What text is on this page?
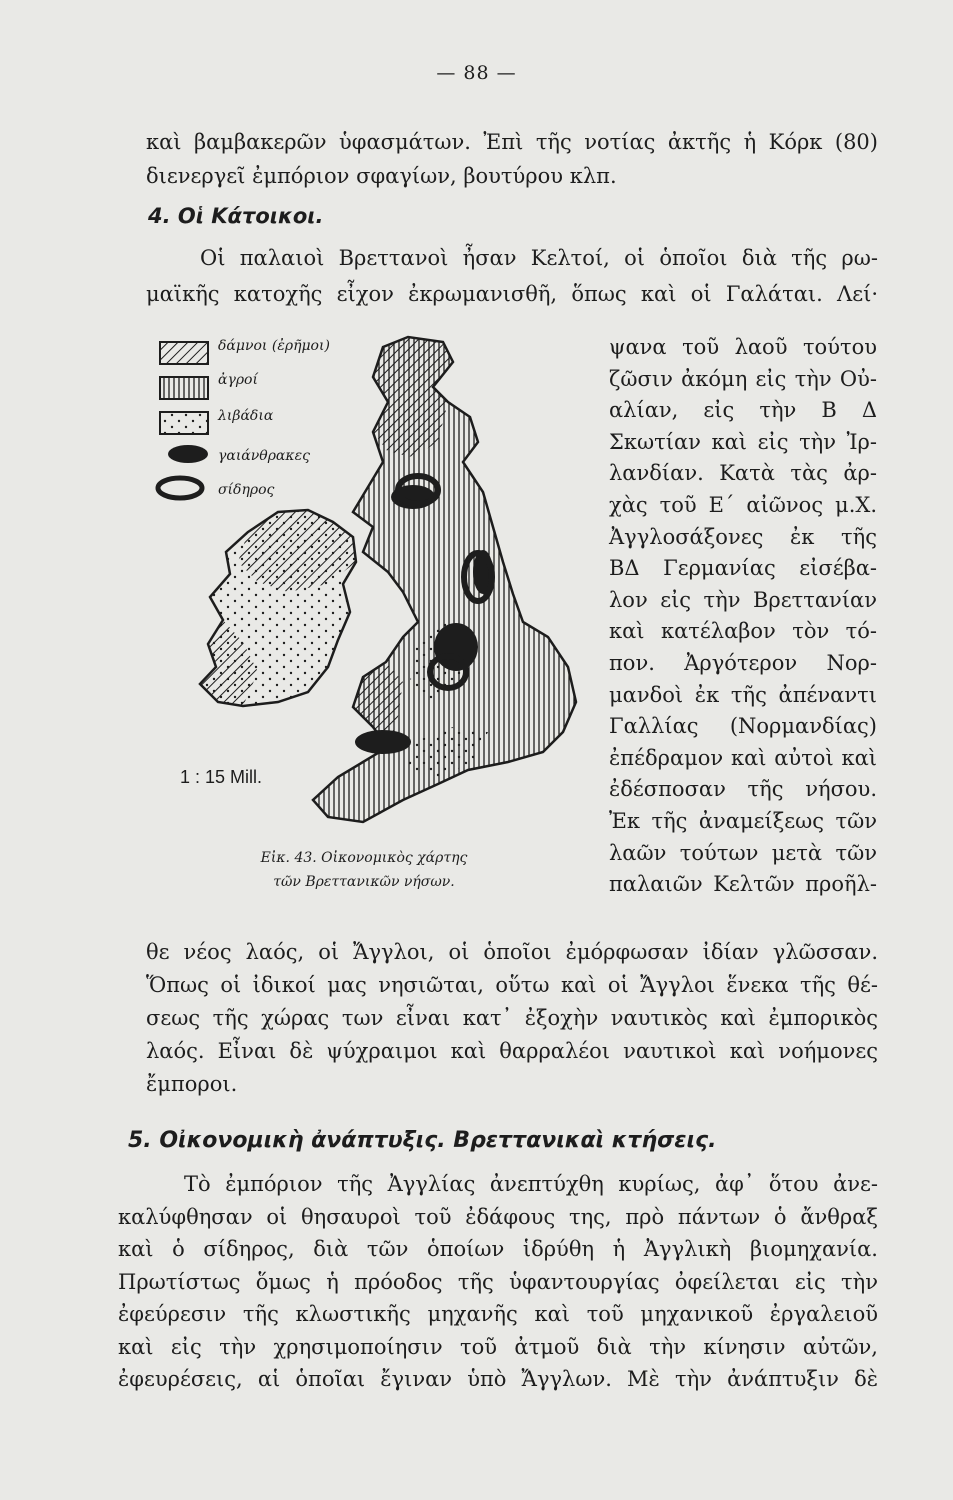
— 88 —
καὶ βαμβακερῶν ὑφασμάτων. Ἐπὶ τῆς νοτίας ἀκτῆς ἡ Κόρκ (80)
διενεργεῖ ἐμπόριον σφαγίων, βουτύρου κλπ.
4. Οἱ Κάτοικοι.
Οἱ παλαιοὶ Βρεττανοὶ ἦσαν Κελτοί, οἱ ὁποῖοι διὰ τῆς ρω-
μαϊκῆς κατοχῆς εἶχον ἐκρωμανισθῆ, ὅπως καὶ οἱ Γαλάται. Λεί·
ψανα τοῦ λαοῦ τούτου
ζῶσιν ἀκόμη εἰς τὴν Οὐ-
αλίαν, εἰς τὴν Β Δ
Σκωτίαν καὶ εἰς τὴν Ἰρ-
λανδίαν. Κατὰ τὰς ἀρ-
χὰς τοῦ Ε΄ αἰῶνος μ.Χ.
Ἀγγλοσάξονες ἐκ τῆς
ΒΔ Γερμανίας εἰσέβα-
λον εἰς τὴν Βρεττανίαν
καὶ κατέλαβον τὸν τό-
πον. Ἀργότερον Νορ-
μανδοὶ ἐκ τῆς ἀπέναντι
Γαλλίας (Νορμανδίας)
ἐπέδραμον καὶ αὐτοὶ καὶ
ἐδέσποσαν τῆς νήσου.
Ἐκ τῆς ἀναμείξεως τῶν
λαῶν τούτων μετὰ τῶν
παλαιῶν Κελτῶν προῆλ-
δάμνοι (ἐρῆμοι)
ἀγροί
λιβάδια
γαιάνθρακες
σίδηρος
1 : 15 Mill.
Εἰκ. 43. Οἰκονομικὸς χάρτης
τῶν Βρεττανικῶν νήσων.
θε νέος λαός, οἱ Ἄγγλοι, οἱ ὁποῖοι ἐμόρφωσαν ἰδίαν γλῶσσαν.
Ὅπως οἱ ἰδικοί μας νησιῶται, οὕτω καὶ οἱ Ἄγγλοι ἕνεκα τῆς θέ-
σεως τῆς χώρας των εἶναι κατ᾽ ἐξοχὴν ναυτικὸς καὶ ἐμπορικὸς
λαός. Εἶναι δὲ ψύχραιμοι καὶ θαρραλέοι ναυτικοὶ καὶ νοήμονες
ἔμποροι.
5. Οἰκονομικὴ ἀνάπτυξις. Βρεττανικαὶ κτήσεις.
Τὸ ἐμπόριον τῆς Ἀγγλίας ἀνεπτύχθη κυρίως, ἀφ᾽ ὅτου ἀνε-
καλύφθησαν οἱ θησαυροὶ τοῦ ἐδάφους της, πρὸ πάντων ὁ ἄνθραξ
καὶ ὁ σίδηρος, διὰ τῶν ὁποίων ἱδρύθη ἡ Ἀγγλικὴ βιομηχανία.
Πρωτίστως ὅμως ἡ πρόοδος τῆς ὑφαντουργίας ὀφείλεται εἰς τὴν
ἐφεύρεσιν τῆς κλωστικῆς μηχανῆς καὶ τοῦ μηχανικοῦ ἐργαλειοῦ
καὶ εἰς τὴν χρησιμοποίησιν τοῦ ἀτμοῦ διὰ τὴν κίνησιν αὐτῶν,
ἐφευρέσεις, αἱ ὁποῖαι ἔγιναν ὑπὸ Ἄγγλων. Μὲ τὴν ἀνάπτυξιν δὲ
